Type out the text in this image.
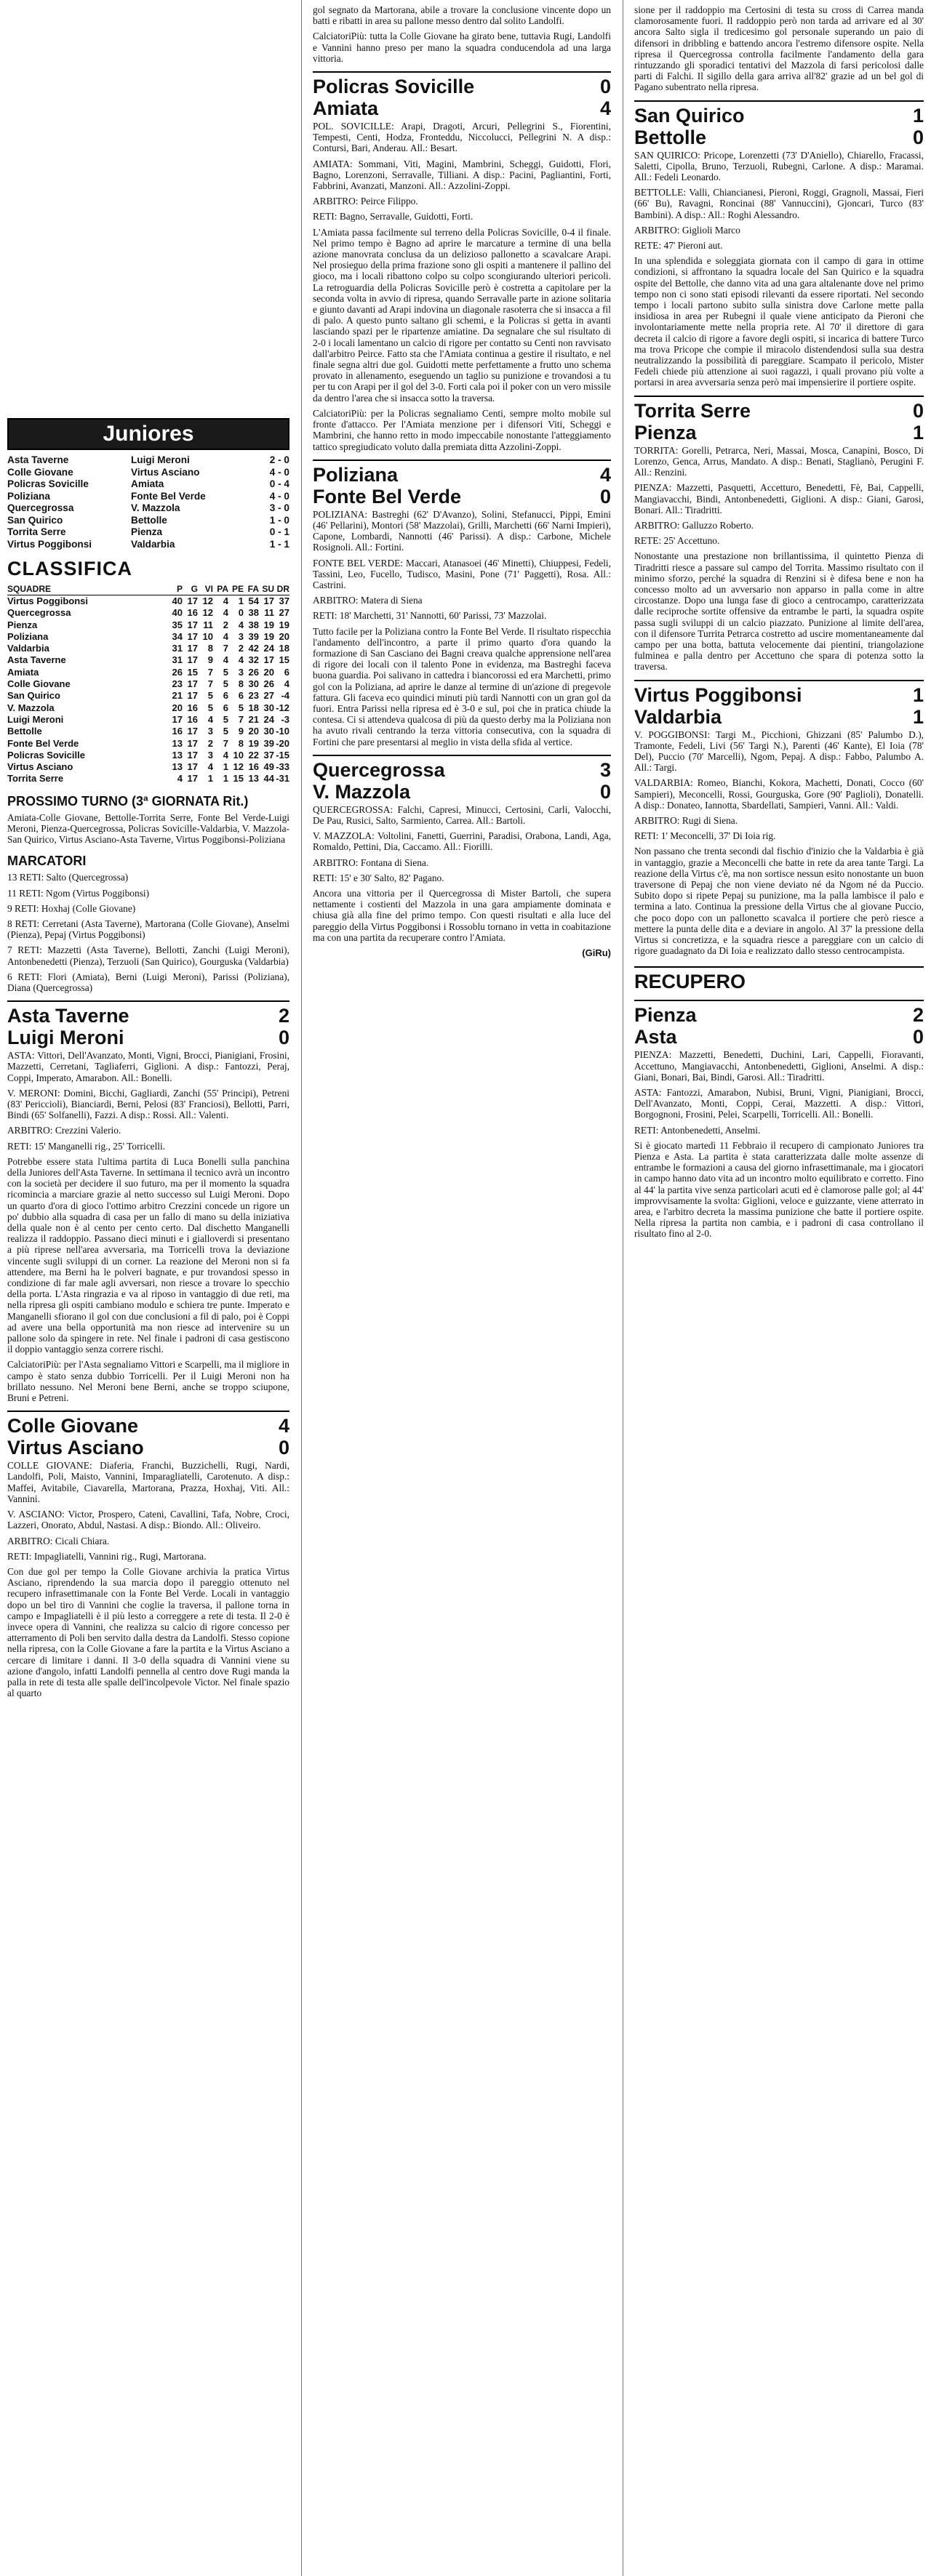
Juniores
Asta Taverne	Luigi Meroni	2 - 0
Colle Giovane	Virtus Asciano	4 - 0
Policras Sovicille	Amiata	0 - 4
Poliziana	Fonte Bel Verde	4 - 0
Quercegrossa	V. Mazzola	3 - 0
San Quirico	Bettolle	1 - 0
Torrita Serre	Pienza	0 - 1
Virtus Poggibonsi	Valdarbia	1 - 1
CLASSIFICA
SQUADRE	P	G	VI	PA	PE	FA	SU	DR
Virtus Poggibonsi	40	17	12	4	1	54	17	37
Quercegrossa	40	16	12	4	0	38	11	27
Pienza	35	17	11	2	4	38	19	19
Poliziana	34	17	10	4	3	39	19	20
Valdarbia	31	17	8	7	2	42	24	18
Asta Taverne	31	17	9	4	4	32	17	15
Amiata	26	15	7	5	3	26	20	6
Colle Giovane	23	17	7	5	8	30	26	4
San Quirico	21	17	5	6	6	23	27	-4
V. Mazzola	20	16	5	6	5	18	30	-12
Luigi Meroni	17	16	4	5	7	21	24	-3
Bettolle	16	17	3	5	9	20	30	-10
Fonte Bel Verde	13	17	2	7	8	19	39	-20
Policras Sovicille	13	17	3	4	10	22	37	-15
Virtus Asciano	13	17	4	1	12	16	49	-33
Torrita Serre	4	17	1	1	15	13	44	-31
PROSSIMO TURNO (3ª GIORNATA Rit.)

Amiata-Colle Giovane, Bettolle-Torrita Serre, Fonte Bel Verde-Luigi Meroni, Pienza-Quercegrossa, Policras Sovicille-Valdarbia, V. Mazzola-San Quirico, Virtus Asciano-Asta Taverne, Virtus Poggibonsi-Poliziana

MARCATORI

13 RETI: Salto (Quercegrossa)

11 RETI: Ngom (Virtus Poggibonsi)

9 RETI: Hoxhaj (Colle Giovane)

8 RETI: Cerretani (Asta Taverne), Martorana (Colle Giovane), Anselmi (Pienza), Pepaj (Virtus Poggibonsi)

7 RETI: Mazzetti (Asta Taverne), Bellotti, Zanchi (Luigi Meroni), Antonbenedetti (Pienza), Terzuoli (San Quirico), Gourguska (Valdarbia)

6 RETI: Flori (Amiata), Berni (Luigi Meroni), Parissi (Poliziana), Diana (Quercegrossa)

Asta Taverne	2
Luigi Meroni	0

ASTA: Vittori, Dell'Avanzato, Monti, Vigni, Brocci, Pianigiani, Frosini, Mazzetti, Cerretani, Tagliaferri, Giglioni. A disp.: Fantozzi, Peraj, Coppi, Imperato, Amarabon. All.: Bonelli.

V. MERONI: Domini, Bicchi, Gagliardi, Zanchi (55' Principi), Petreni (83' Periccioli), Bianciardi, Berni, Pelosi (83' Franciosi), Bellotti, Parri, Bindi (65' Solfanelli), Fazzi. A disp.: Rossi. All.: Valenti.

ARBITRO: Crezzini Valerio.

RETI: 15' Manganelli rig., 25' Torricelli.

Potrebbe essere stata l'ultima partita di Luca Bonelli sulla panchina della Juniores dell'Asta Taverne. In settimana il tecnico avrà un incontro con la società per decidere il suo futuro, ma per il momento la squadra ricomincia a marciare grazie al netto successo sul Luigi Meroni. Dopo un quarto d'ora di gioco l'ottimo arbitro Crezzini concede un rigore un po' dubbio alla squadra di casa per un fallo di mano su della iniziativa della quale non è al cento per cento certo. Dal dischetto Manganelli realizza il raddoppio. Passano dieci minuti e i gialloverdi si presentano a più riprese nell'area avversaria, ma Torricelli trova la deviazione vincente sugli sviluppi di un corner. La reazione del Meroni non si fa attendere, ma Berni ha le polveri bagnate, e pur trovandosi spesso in condizione di far male agli avversari, non riesce a trovare lo specchio della porta. L'Asta ringrazia e va al riposo in vantaggio di due reti, ma nella ripresa gli ospiti cambiano modulo e schiera tre punte. Imperato e Manganelli sfiorano il gol con due conclusioni a fil di palo, poi è Coppi ad avere una bella opportunità ma non riesce ad intervenire su un pallone solo da spingere in rete. Nel finale i padroni di casa gestiscono il doppio vantaggio senza correre rischi.

CalciatoriPiù: per l'Asta segnaliamo Vittori e Scarpelli, ma il migliore in campo è stato senza dubbio Torricelli. Per il Luigi Meroni non ha brillato nessuno. Nel Meroni bene Berni, anche se troppo sciupone, Bruni e Petreni.

Colle Giovane	4
Virtus Asciano	0

COLLE GIOVANE: Diaferia, Franchi, Buzzichelli, Rugi, Nardi, Landolfi, Poli, Maisto, Vannini, Imparagliatelli, Carotenuto. A disp.: Maffei, Avitabile, Ciavarella, Martorana, Prazza, Hoxhaj, Viti. All.: Vannini.

V. ASCIANO: Victor, Prospero, Cateni, Cavallini, Tafa, Nobre, Croci, Lazzeri, Onorato, Abdul, Nastasi. A disp.: Biondo. All.: Oliveiro.

ARBITRO: Cicali Chiara.

RETI: Impagliatelli, Vannini rig., Rugi, Martorana.

Con due gol per tempo la Colle Giovane archivia la pratica Virtus Asciano, riprendendo la sua marcia dopo il pareggio ottenuto nel recupero infrasettimanale con la Fonte Bel Verde. Locali in vantaggio dopo un bel tiro di Vannini che coglie la traversa, il pallone torna in campo e Impagliatelli è il più lesto a correggere a rete di testa. Il 2-0 è invece opera di Vannini, che realizza su calcio di rigore concesso per atterramento di Poli ben servito dalla destra da Landolfi. Stesso copione nella ripresa, con la Colle Giovane a fare la partita e la Virtus Asciano a cercare di limitare i danni. Il 3-0 della squadra di Vannini viene su azione d'angolo, infatti Landolfi pennella al centro dove Rugi manda la palla in rete di testa alle spalle dell'incolpevole Victor. Nel finale spazio al quarto

gol segnato da Martorana, abile a trovare la conclusione vincente dopo un batti e ribatti in area su pallone messo dentro dal solito Landolfi.

CalciatoriPiù: tutta la Colle Giovane ha girato bene, tuttavia Rugi, Landolfi e Vannini hanno preso per mano la squadra conducendola ad una larga vittoria.

Policras Sovicille	0
Amiata	4

POL. SOVICILLE: Arapi, Dragoti, Arcuri, Pellegrini S., Fiorentini, Tempesti, Centi, Hodza, Fronteddu, Niccolucci, Pellegrini N. A disp.: Contursi, Bari, Anderau. All.: Besart.

AMIATA: Sommani, Viti, Magini, Mambrini, Scheggi, Guidotti, Flori, Bagno, Lorenzoni, Serravalle, Tilliani. A disp.: Pacini, Pagliantini, Forti, Fabbrini, Avanzati, Manzoni. All.: Azzolini-Zoppi.

ARBITRO: Peirce Filippo.

RETI: Bagno, Serravalle, Guidotti, Forti.

L'Amiata passa facilmente sul terreno della Policras Sovicille, 0-4 il finale. Nel primo tempo è Bagno ad aprire le marcature a termine di una bella azione manovrata conclusa da un delizioso pallonetto a scavalcare Arapi. Nel prosieguo della prima frazione sono gli ospiti a mantenere il pallino del gioco, ma i locali ribattono colpo su colpo scongiurando ulteriori pericoli. La retroguardia della Policras Sovicille però è costretta a capitolare per la seconda volta in avvio di ripresa, quando Serravalle parte in azione solitaria e giunto davanti ad Arapi indovina un diagonale rasoterra che si insacca a fil di palo. A questo punto saltano gli schemi, e la Policras si getta in avanti lasciando spazi per le ripartenze amiatine. Da segnalare che sul risultato di 2-0 i locali lamentano un calcio di rigore per contatto su Centi non ravvisato dall'arbitro Peirce. Fatto sta che l'Amiata continua a gestire il risultato, e nel finale segna altri due gol. Guidotti mette perfettamente a frutto uno schema provato in allenamento, eseguendo un taglio su punizione e trovandosi a tu per tu con Arapi per il gol del 3-0. Forti cala poi il poker con un vero missile da dentro l'area che si insacca sotto la traversa.

CalciatoriPiù: per la Policras segnaliamo Centi, sempre molto mobile sul fronte d'attacco. Per l'Amiata menzione per i difensori Viti, Scheggi e Mambrini, che hanno retto in modo impeccabile nonostante l'atteggiamento tattico spregiudicato voluto dalla premiata ditta Azzolini-Zoppi.

Poliziana	4
Fonte Bel Verde	0

POLIZIANA: Bastreghi (62' D'Avanzo), Solini, Stefanucci, Pippi, Emini (46' Pellarini), Montori (58' Mazzolai), Grilli, Marchetti (66' Narni Impieri), Capone, Lombardi, Nannotti (46' Parissi). A disp.: Carbone, Michele Rosignoli. All.: Fortini.

FONTE BEL VERDE: Maccari, Atanasoei (46' Minetti), Chiuppesi, Fedeli, Tassini, Leo, Fucello, Tudisco, Masini, Pone (71' Paggetti), Rosa. All.: Castrini.

ARBITRO: Matera di Siena

RETI: 18' Marchetti, 31' Nannotti, 60' Parissi, 73' Mazzolai.

Tutto facile per la Poliziana contro la Fonte Bel Verde. Il risultato rispecchia l'andamento dell'incontro, a parte il primo quarto d'ora quando la formazione di San Casciano dei Bagni creava qualche apprensione nell'area di rigore dei locali con il talento Pone in evidenza, ma Bastreghi faceva buona guardia. Poi salivano in cattedra i biancorossi ed era Marchetti, primo gol con la Poliziana, ad aprire le danze al termine di un'azione di pregevole fattura. Gli faceva eco quindici minuti più tardi Nannotti con un gran gol da fuori. Entra Parissi nella ripresa ed è 3-0 e sul, poi che in pratica chiude la contesa. Ci si attendeva qualcosa di più da questo derby ma la Poliziana non ha avuto rivali centrando la terza vittoria consecutiva, con la squadra di Fortini che pare presentarsi al meglio in vista della sfida al vertice.

Quercegrossa	3
V. Mazzola	0

QUERCEGROSSA: Falchi, Capresi, Minucci, Certosini, Carli, Valocchi, De Pau, Rusici, Salto, Sarmiento, Carrea. All.: Bartoli.

V. MAZZOLA: Voltolini, Fanetti, Guerrini, Paradisi, Orabona, Landi, Aga, Romaldo, Pettini, Dia, Caccamo. All.: Fiorilli.

ARBITRO: Fontana di Siena.

RETI: 15' e 30' Salto, 82' Pagano.

Ancora una vittoria per il Quercegrossa di Mister Bartoli, che supera nettamente i costienti del Mazzola in una gara ampiamente dominata e chiusa già alla fine del primo tempo. Con questi risultati e alla luce del pareggio della Virtus Poggibonsi i Rossoblu tornano in vetta in coabitazione ma con una partita da recuperare contro l'Amiata.

(GiRu)

sione per il raddoppio ma Certosini di testa su cross di Carrea manda clamorosamente fuori. Il raddoppio però non tarda ad arrivare ed al 30' ancora Salto sigla il tredicesimo gol personale superando un paio di difensori in dribbling e battendo ancora l'estremo difensore ospite. Nella ripresa il Quercegrossa controlla facilmente l'andamento della gara rintuzzando gli sporadici tentativi del Mazzola di farsi pericolosi dalle parti di Falchi. Il sigillo della gara arriva all'82' grazie ad un bel gol di Pagano subentrato nella ripresa.

San Quirico	1
Bettolle	0

SAN QUIRICO: Pricope, Lorenzetti (73' D'Aniello), Chiarello, Fracassi, Saletti, Cipolla, Bruno, Terzuoli, Rubegni, Carlone. A disp.: Maramai. All.: Fedeli Leonardo.

BETTOLLE: Valli, Chiancianesi, Pieroni, Roggi, Gragnoli, Massai, Fieri (66' Bu), Ravagni, Roncinai (88' Vannuccini), Gjoncari, Turco (83' Bambini). A disp.: All.: Roghi Alessandro.

ARBITRO: Giglioli Marco

RETE: 47' Pieroni aut.

In una splendida e soleggiata giornata con il campo di gara in ottime condizioni, si affrontano la squadra locale del San Quirico e la squadra ospite del Bettolle, che danno vita ad una gara altalenante dove nel primo tempo non ci sono stati episodi rilevanti da essere riportati. Nel secondo tempo i locali partono subito sulla sinistra dove Carlone mette palla insidiosa in area per Rubegni il quale viene anticipato da Pieroni che involontariamente mette nella propria rete. Al 70' il direttore di gara decreta il calcio di rigore a favore degli ospiti, si incarica di battere Turco ma trova Pricope che compie il miracolo distendendosi sulla sua destra neutralizzando la possibilità di pareggiare. Scampato il pericolo, Mister Fedeli chiede più attenzione ai suoi ragazzi, i quali provano più volte a portarsi in area avversaria senza però mai impensierire il portiere ospite.

Torrita Serre	0
Pienza	1

TORRITA: Gorelli, Petrarca, Neri, Massai, Mosca, Canapini, Bosco, Di Lorenzo, Genca, Arrus, Mandato. A disp.: Benati, Staglianò, Perugini F. All.: Renzini.

PIENZA: Mazzetti, Pasquetti, Accetturo, Benedetti, Fè, Bai, Cappelli, Mangiavacchi, Bindi, Antonbenedetti, Giglioni. A disp.: Giani, Garosi, Bonari. All.: Tiradritti.

ARBITRO: Galluzzo Roberto.

RETE: 25' Accettuno.

Nonostante una prestazione non brillantissima, il quintetto Pienza di Tiradritti riesce a passare sul campo del Torrita. Massimo risultato con il minimo sforzo, perché la squadra di Renzini si è difesa bene e non ha concesso molto ad un avversario non apparso in palla come in altre circostanze. Dopo una lunga fase di gioco a centrocampo, caratterizzata dalle reciproche sortite offensive da entrambe le parti, la squadra ospite passa sugli sviluppi di un calcio piazzato. Punizione al limite dell'area, con il difensore Turrita Petrarca costretto ad uscire momentaneamente dal campo per una botta, battuta velocemente dai pientini, triangolazione fulminea e palla dentro per Accettuno che spara di potenza sotto la traversa.

Virtus Poggibonsi	1
Valdarbia	1

V. POGGIBONSI: Targi M., Picchioni, Ghizzani (85' Palumbo D.), Tramonte, Fedeli, Livi (56' Targi N.), Parenti (46' Kante), El Ioia (78' Del), Puccio (70' Marcelli), Ngom, Pepaj. A disp.: Fabbo, Palumbo A. All.: Targi.

VALDARBIA: Romeo, Bianchi, Kokora, Machetti, Donati, Cocco (60' Sampieri), Meconcelli, Rossi, Gourguska, Gore (90' Paglioli), Donatelli. A disp.: Donateo, Iannotta, Sbardellati, Sampieri, Vanni. All.: Valdi.

ARBITRO: Rugi di Siena.

RETI: 1' Meconcelli, 37' Di Ioia rig.

Non passano che trenta secondi dal fischio d'inizio che la Valdarbia è già in vantaggio, grazie a Meconcelli che batte in rete da area tante Targi. La reazione della Virtus c'è, ma non sortisce nessun esito nonostante un buon traversone di Pepaj che non viene deviato né da Ngom né da Puccio. Subito dopo si ripete Pepaj su punizione, ma la palla lambisce il palo e termina a lato. Continua la pressione della Virtus che al giovane Puccio, che poco dopo con un pallonetto scavalca il portiere che però riesce a mettere la punta delle dita e a deviare in angolo. Al 37' la pressione della Virtus si concretizza, e la squadra riesce a pareggiare con un calcio di rigore guadagnato da Di Ioia e realizzato dallo stesso centrocampista.

RECUPERO
Pienza	2
Asta	0

PIENZA: Mazzetti, Benedetti, Duchini, Lari, Cappelli, Fioravanti, Accettuno, Mangiavacchi, Antonbenedetti, Giglioni, Anselmi. A disp.: Giani, Bonari, Bai, Bindi, Garosi. All.: Tiradritti.

ASTA: Fantozzi, Amarabon, Nubisi, Bruni, Vigni, Pianigiani, Brocci, Dell'Avanzato, Monti, Coppi, Cerai, Mazzetti. A disp.: Vittori, Borgognoni, Frosini, Pelei, Scarpelli, Torricelli. All.: Bonelli.

RETI: Antonbenedetti, Anselmi.

Si è giocato martedì 11 Febbraio il recupero di campionato Juniores tra Pienza e Asta. La partita è stata caratterizzata dalle molte assenze di entrambe le formazioni a causa del giorno infrasettimanale, ma i giocatori in campo hanno dato vita ad un incontro molto equilibrato e corretto. Fino al 44' la partita vive senza particolari acuti ed è clamorose palle gol; al 44' improvvisamente la svolta: Giglioni, veloce e guizzante, viene atterrato in area, e l'arbitro decreta la massima punizione che batte il portiere ospite. Nella ripresa la partita non cambia, e i padroni di casa controllano il risultato fino al 2-0.
